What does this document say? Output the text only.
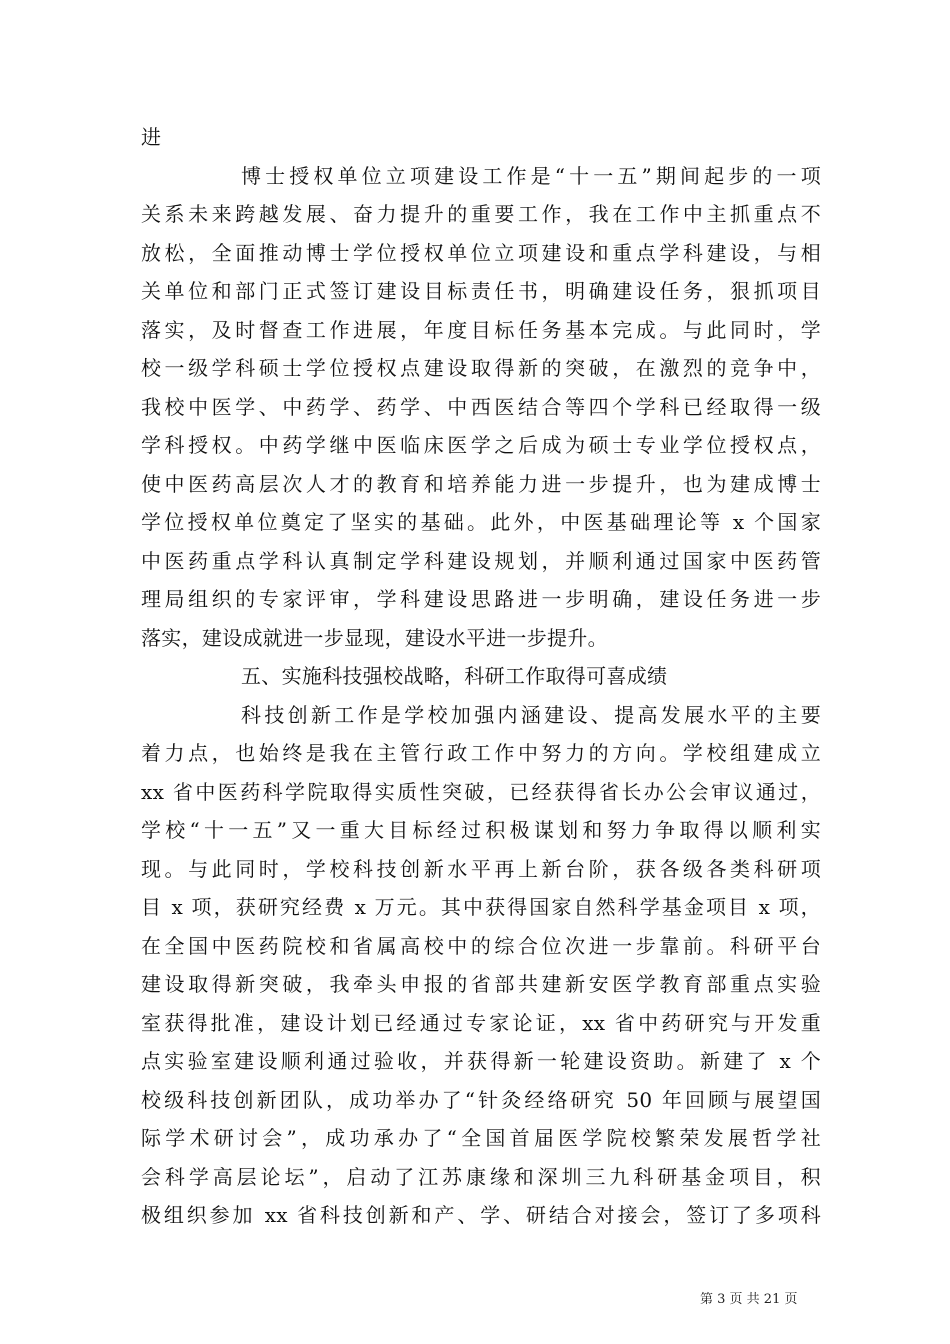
进
博士授权单位立项建设工作是“十一五”期间起步的一项
关系未来跨越发展、奋力提升的重要工作，我在工作中主抓重点不
放松，全面推动博士学位授权单位立项建设和重点学科建设，与相
关单位和部门正式签订建设目标责任书，明确建设任务，狠抓项目
落实，及时督查工作进展，年度目标任务基本完成。与此同时，学
校一级学科硕士学位授权点建设取得新的突破，在激烈的竞争中，
我校中医学、中药学、药学、中西医结合等四个学科已经取得一级
学科授权。中药学继中医临床医学之后成为硕士专业学位授权点，
使中医药高层次人才的教育和培养能力进一步提升，也为建成博士
学位授权单位奠定了坚实的基础。此外，中医基础理论等 x 个国家
中医药重点学科认真制定学科建设规划，并顺利通过国家中医药管
理局组织的专家评审，学科建设思路进一步明确，建设任务进一步
落实，建设成就进一步显现，建设水平进一步提升。
五、实施科技强校战略，科研工作取得可喜成绩
科技创新工作是学校加强内涵建设、提高发展水平的主要
着力点，也始终是我在主管行政工作中努力的方向。学校组建成立
xx 省中医药科学院取得实质性突破，已经获得省长办公会审议通过，
学校“十一五”又一重大目标经过积极谋划和努力争取得以顺利实
现。与此同时，学校科技创新水平再上新台阶，获各级各类科研项
目 x 项，获研究经费 x 万元。其中获得国家自然科学基金项目 x 项，
在全国中医药院校和省属高校中的综合位次进一步靠前。科研平台
建设取得新突破，我牵头申报的省部共建新安医学教育部重点实验
室获得批准，建设计划已经通过专家论证，xx 省中药研究与开发重
点实验室建设顺利通过验收，并获得新一轮建设资助。新建了 x 个
校级科技创新团队，成功举办了“针灸经络研究 50 年回顾与展望国
际学术研讨会”，成功承办了“全国首届医学院校繁荣发展哲学社
会科学高层论坛”，启动了江苏康缘和深圳三九科研基金项目，积
极组织参加 xx 省科技创新和产、学、研结合对接会，签订了多项科
第 3 页 共 21 页
